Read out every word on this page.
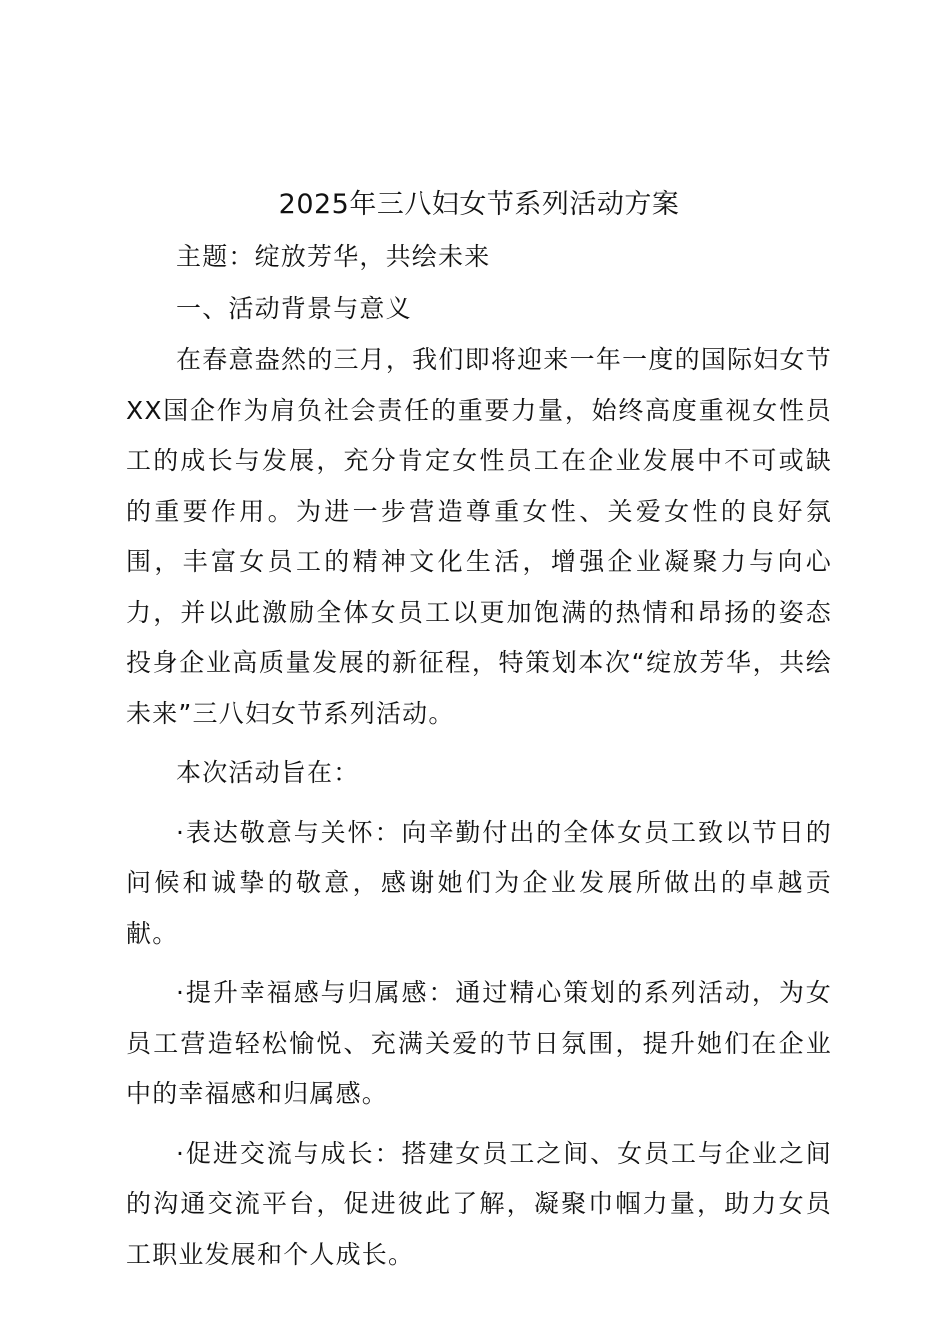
2025年三八妇女节系列活动方案

主题：绽放芳华，共绘未来

一、活动背景与意义

在春意盎然的三月，我们即将迎来一年一度的国际妇女节XX国企作为肩负社会责任的重要力量，始终高度重视女性员工的成长与发展，充分肯定女性员工在企业发展中不可或缺的重要作用。为进一步营造尊重女性、关爱女性的良好氛围，丰富女员工的精神文化生活，增强企业凝聚力与向心力，并以此激励全体女员工以更加饱满的热情和昂扬的姿态投身企业高质量发展的新征程，特策划本次“绽放芳华，共绘未来”三八妇女节系列活动。

本次活动旨在：

·表达敬意与关怀：向辛勤付出的全体女员工致以节日的问候和诚挚的敬意，感谢她们为企业发展所做出的卓越贡献。

·提升幸福感与归属感：通过精心策划的系列活动，为女员工营造轻松愉悦、充满关爱的节日氛围，提升她们在企业中的幸福感和归属感。

·促进交流与成长：搭建女员工之间、女员工与企业之间的沟通交流平台，促进彼此了解，凝聚巾帼力量，助力女员工职业发展和个人成长。
